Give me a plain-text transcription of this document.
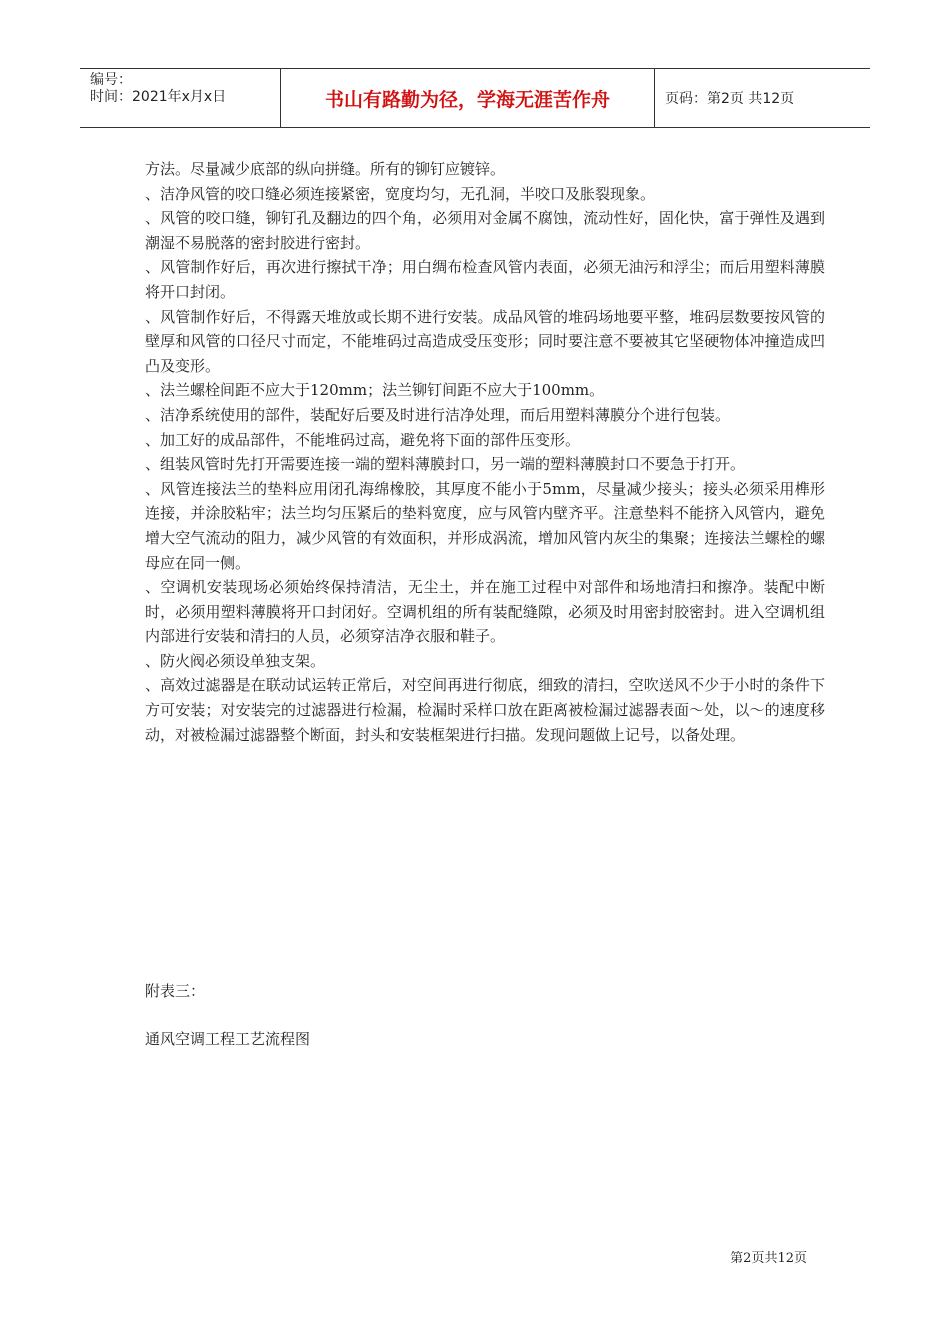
编号：
时间：2021年x月x日	书山有路勤为径，学海无涯苦作舟	页码：第2页 共12页

方法。尽量减少底部的纵向拼缝。所有的铆钉应镀锌。

、洁净风管的咬口缝必须连接紧密，宽度均匀，无孔洞，半咬口及胀裂现象。

、风管的咬口缝，铆钉孔及翻边的四个角，必须用对金属不腐蚀，流动性好，固化快，富于弹性及遇到潮湿不易脱落的密封胶进行密封。

、风管制作好后，再次进行擦拭干净；用白绸布检查风管内表面，必须无油污和浮尘；而后用塑料薄膜将开口封闭。

、风管制作好后，不得露天堆放或长期不进行安装。成品风管的堆码场地要平整，堆码层数要按风管的壁厚和风管的口径尺寸而定，不能堆码过高造成受压变形；同时要注意不要被其它坚硬物体冲撞造成凹凸及变形。

、法兰螺栓间距不应大于120mm；法兰铆钉间距不应大于100mm。

、洁净系统使用的部件，装配好后要及时进行洁净处理，而后用塑料薄膜分个进行包装。

、加工好的成品部件，不能堆码过高，避免将下面的部件压变形。

、组装风管时先打开需要连接一端的塑料薄膜封口，另一端的塑料薄膜封口不要急于打开。

、风管连接法兰的垫料应用闭孔海绵橡胶，其厚度不能小于5mm，尽量减少接头；接头必须采用榫形连接，并涂胶粘牢；法兰均匀压紧后的垫料宽度，应与风管内壁齐平。注意垫料不能挤入风管内，避免增大空气流动的阻力，减少风管的有效面积，并形成涡流，增加风管内灰尘的集聚；连接法兰螺栓的螺母应在同一侧。

、空调机安装现场必须始终保持清洁，无尘土，并在施工过程中对部件和场地清扫和擦净。装配中断时，必须用塑料薄膜将开口封闭好。空调机组的所有装配缝隙，必须及时用密封胶密封。进入空调机组内部进行安装和清扫的人员，必须穿洁净衣服和鞋子。

、防火阀必须设单独支架。

、高效过滤器是在联动试运转正常后，对空间再进行彻底，细致的清扫，空吹送风不少于小时的条件下方可安装；对安装完的过滤器进行检漏，检漏时采样口放在距离被检漏过滤器表面～处，以～的速度移动，对被检漏过滤器整个断面，封头和安装框架进行扫描。发现问题做上记号，以备处理。

附表三：
通风空调工程工艺流程图
第2页共12页
